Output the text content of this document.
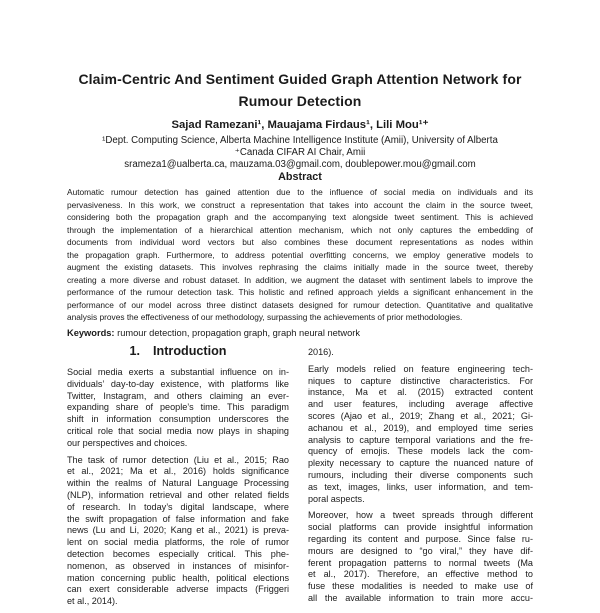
Claim-Centric And Sentiment Guided Graph Attention Network for
Rumour Detection
Sajad Ramezani¹, Mauajama Firdaus¹, Lili Mou¹⁺
¹Dept. Computing Science, Alberta Machine Intelligence Institute (Amii), University of Alberta
⁺Canada CIFAR AI Chair, Amii
srameza1@ualberta.ca, mauzama.03@gmail.com, doublepower.mou@gmail.com
Abstract
Automatic rumour detection has gained attention due to the influence of social media on individuals and its
pervasiveness. In this work, we construct a representation that takes into account the claim in the source tweet,
considering both the propagation graph and the accompanying text alongside tweet sentiment. This is achieved
through the implementation of a hierarchical attention mechanism, which not only captures the embedding of
documents from individual word vectors but also combines these document representations as nodes within
the propagation graph. Furthermore, to address potential overfitting concerns, we employ generative models to
augment the existing datasets. This involves rephrasing the claims initially made in the source tweet, thereby
creating a more diverse and robust dataset. In addition, we augment the dataset with sentiment labels to improve the
performance of the rumour detection task. This holistic and refined approach yields a significant enhancement in the
performance of our model across three distinct datasets designed for rumour detection. Quantitative and qualitative
analysis proves the effectiveness of our methodology, surpassing the achievements of prior methodologies.
Keywords: rumour detection, propagation graph, graph neural network
1. Introduction
Social media exerts a substantial influence on in-
dividuals’ day-to-day existence, with platforms like
Twitter, Instagram, and others claiming an ever-
expanding share of people’s time. This paradigm
shift in information consumption underscores the
critical role that social media now plays in shaping
our perspectives and choices.
The task of rumor detection (Liu et al., 2015; Rao
et al., 2021; Ma et al., 2016) holds significance
within the realms of Natural Language Processing
(NLP), information retrieval and other related fields
of research. In today’s digital landscape, where
the swift propagation of false information and fake
news (Lu and Li, 2020; Kang et al., 2021) is preva-
lent on social media platforms, the role of rumor
detection becomes especially critical. This phe-
nomenon, as observed in instances of misinfor-
mation concerning public health, political elections
can exert considerable adverse impacts (Friggeri
et al., 2014).
2016).
Early models relied on feature engineering tech-
niques to capture distinctive characteristics. For
instance, Ma et al. (2015) extracted content
and user features, including average affective
scores (Ajao et al., 2019; Zhang et al., 2021; Gi-
achanou et al., 2019), and employed time series
analysis to capture temporal variations and the fre-
quency of emojis. These models lack the com-
plexity necessary to capture the nuanced nature of
rumours, including their diverse components such
as text, images, links, user information, and tem-
poral aspects.
Moreover, how a tweet spreads through different
social platforms can provide insightful information
regarding its content and purpose. Since false ru-
mours are designed to “go viral,” they have dif-
ferent propagation patterns to normal tweets (Ma
et al., 2017). Therefore, an effective method to
fuse these modalities is needed to make use of
all the available information to train more accu-
